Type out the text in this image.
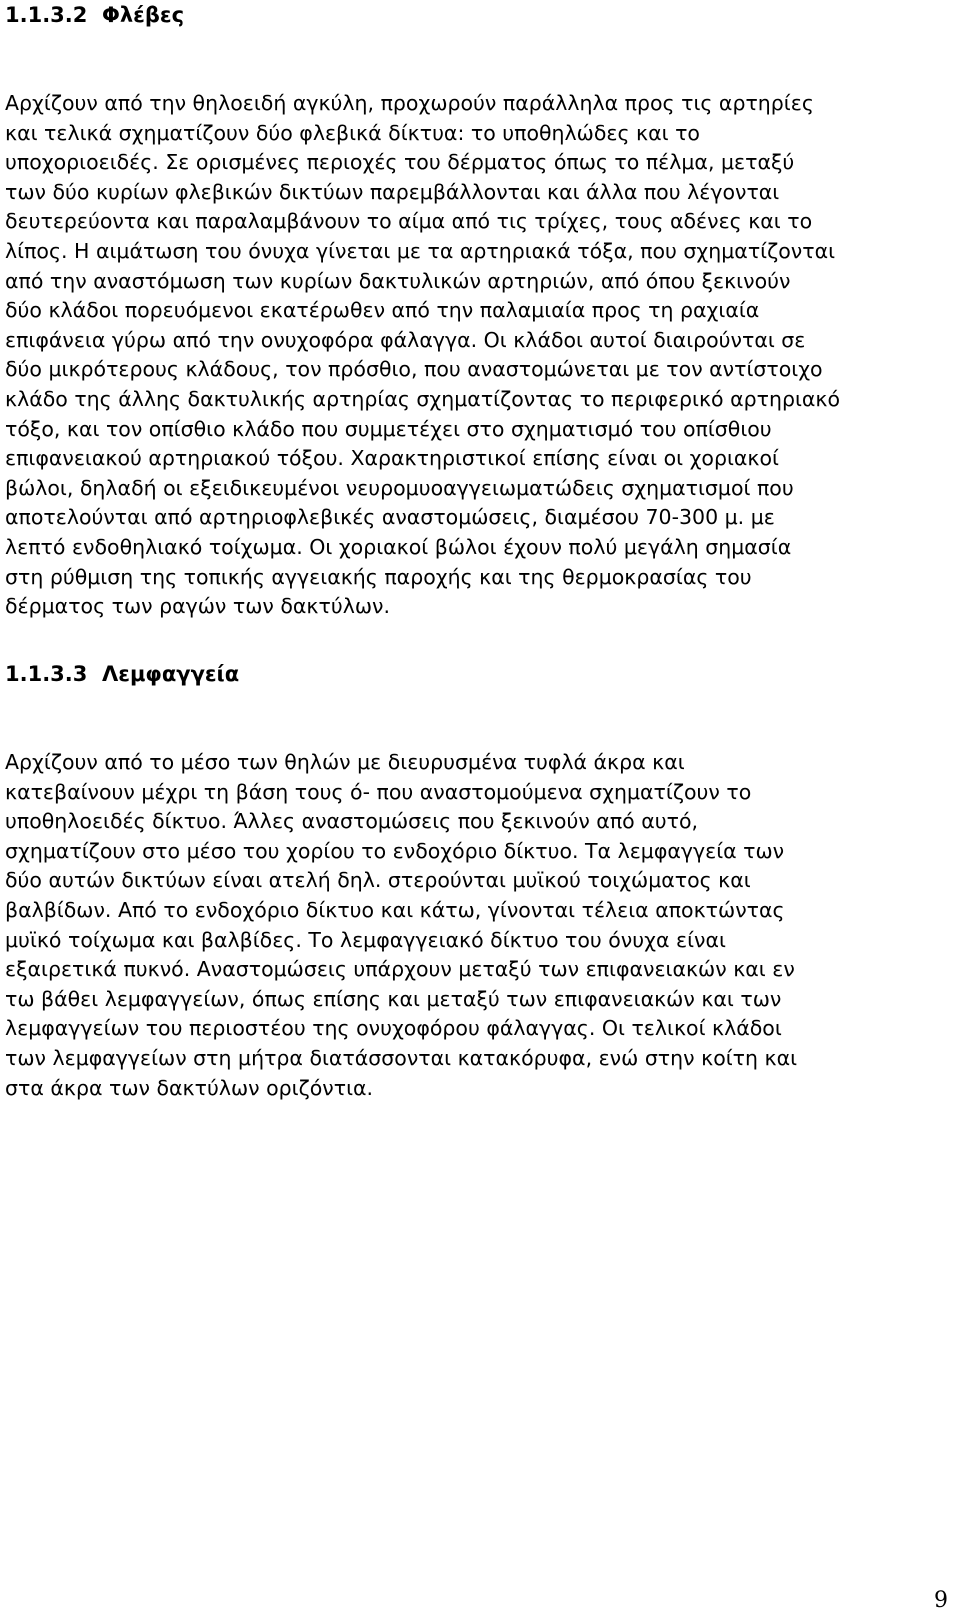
1.1.3.2 Φλέβες

Αρχίζουν από την θηλοειδή αγκύλη, προχωρούν παράλληλα προς τις αρτηρίες
και τελικά σχηματίζουν δύο φλεβικά δίκτυα: το υποθηλώδες και το
υποχοριοειδές. Σε ορισμένες περιοχές του δέρματος όπως το πέλμα, μεταξύ
των δύο κυρίων φλεβικών δικτύων παρεμβάλλονται και άλλα που λέγονται
δευτερεύοντα και παραλαμβάνουν το αίμα από τις τρίχες, τους αδένες και το
λίπος. Η αιμάτωση του όνυχα γίνεται με τα αρτηριακά τόξα, που σχηματίζονται
από την αναστόμωση των κυρίων δακτυλικών αρτηριών, από όπου ξεκινούν
δύο κλάδοι πορευόμενοι εκατέρωθεν από την παλαμιαία προς τη ραχιαία
επιφάνεια γύρω από την ονυχοφόρα φάλαγγα. Οι κλάδοι αυτοί διαιρούνται σε
δύο μικρότερους κλάδους, τον πρόσθιο, που αναστομώνεται με τον αντίστοιχο
κλάδο της άλλης δακτυλικής αρτηρίας σχηματίζοντας το περιφερικό αρτηριακό
τόξο, και τον οπίσθιο κλάδο που συμμετέχει στο σχηματισμό του οπίσθιου
επιφανειακού αρτηριακού τόξου. Χαρακτηριστικοί επίσης είναι οι χοριακοί
βώλοι, δηλαδή οι εξειδικευμένοι νευρομυοαγγειωματώδεις σχηματισμοί που
αποτελούνται από αρτηριοφλεβικές αναστομώσεις, διαμέσου 70-300 μ. με
λεπτό ενδοθηλιακό τοίχωμα. Οι χοριακοί βώλοι έχουν πολύ μεγάλη σημασία
στη ρύθμιση της τοπικής αγγειακής παροχής και της θερμοκρασίας του
δέρματος των ραγών των δακτύλων.

1.1.3.3 Λεμφαγγεία

Αρχίζουν από το μέσο των θηλών με διευρυσμένα τυφλά άκρα και
κατεβαίνουν μέχρι τη βάση τους ό- που αναστομούμενα σχηματίζουν το
υποθηλοειδές δίκτυο. Άλλες αναστομώσεις που ξεκινούν από αυτό,
σχηματίζουν στο μέσο του χορίου το ενδοχόριο δίκτυο. Τα λεμφαγγεία των
δύο αυτών δικτύων είναι ατελή δηλ. στερούνται μυϊκού τοιχώματος και
βαλβίδων. Από το ενδοχόριο δίκτυο και κάτω, γίνονται τέλεια αποκτώντας
μυϊκό τοίχωμα και βαλβίδες. Το λεμφαγγειακό δίκτυο του όνυχα είναι
εξαιρετικά πυκνό. Αναστομώσεις υπάρχουν μεταξύ των επιφανειακών και εν
τω βάθει λεμφαγγείων, όπως επίσης και μεταξύ των επιφανειακών και των
λεμφαγγείων του περιοστέου της ονυχοφόρου φάλαγγας. Οι τελικοί κλάδοι
των λεμφαγγείων στη μήτρα διατάσσονται κατακόρυφα, ενώ στην κοίτη και
στα άκρα των δακτύλων οριζόντια.

9
